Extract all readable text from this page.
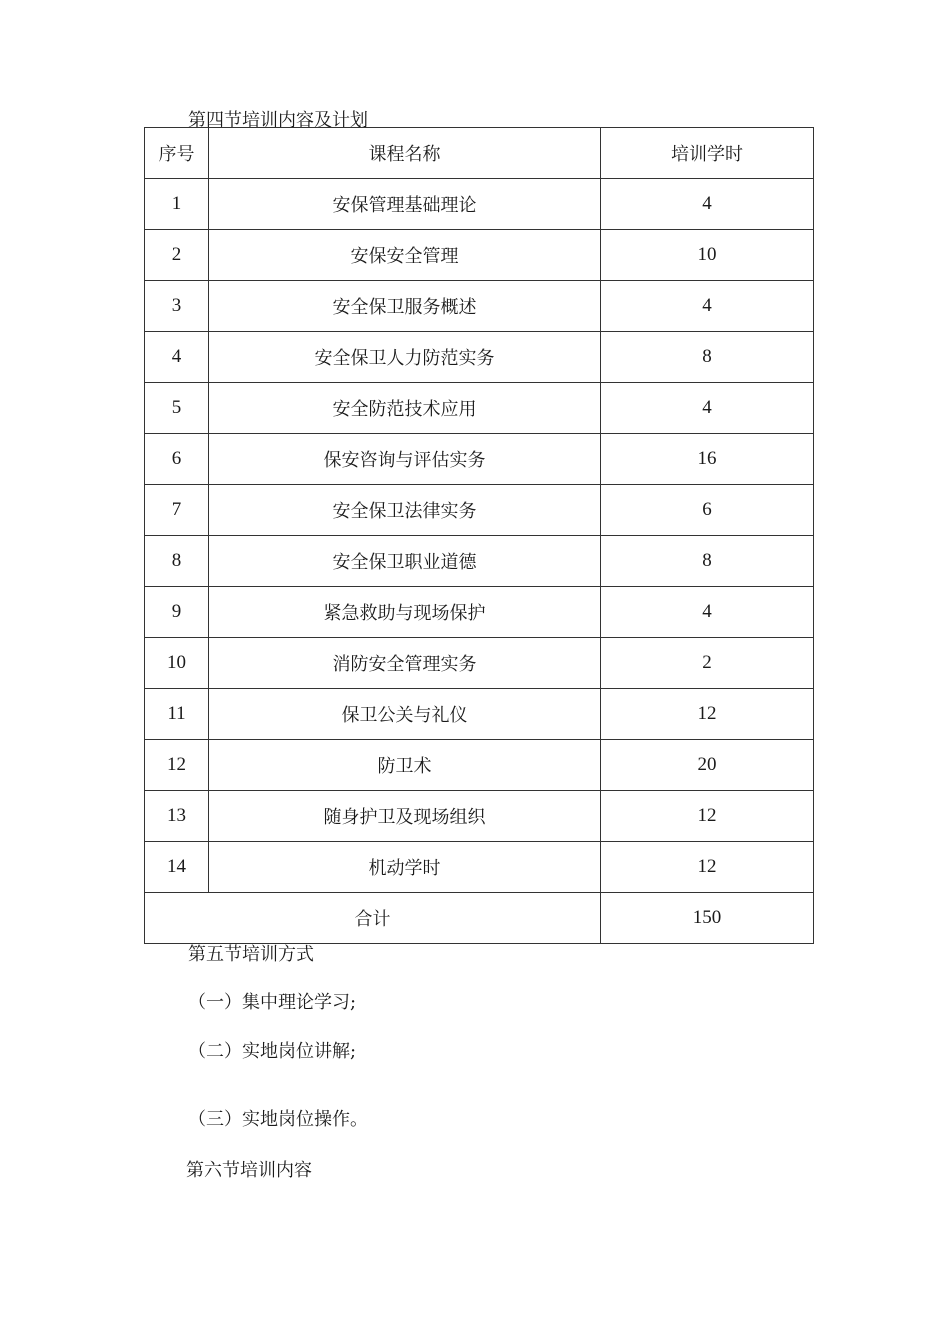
第四节培训内容及计划
序号	课程名称	培训学时
1	安保管理基础理论	4
2	安保安全管理	10
3	安全保卫服务概述	4
4	安全保卫人力防范实务	8
5	安全防范技术应用	4
6	保安咨询与评估实务	16
7	安全保卫法律实务	6
8	安全保卫职业道德	8
9	紧急救助与现场保护	4
10	消防安全管理实务	2
11	保卫公关与礼仪	12
12	防卫术	20
13	随身护卫及现场组织	12
14	机动学时	12
合计		150
第五节培训方式
（一）集中理论学习;
（二）实地岗位讲解;
（三）实地岗位操作。
第六节培训内容
